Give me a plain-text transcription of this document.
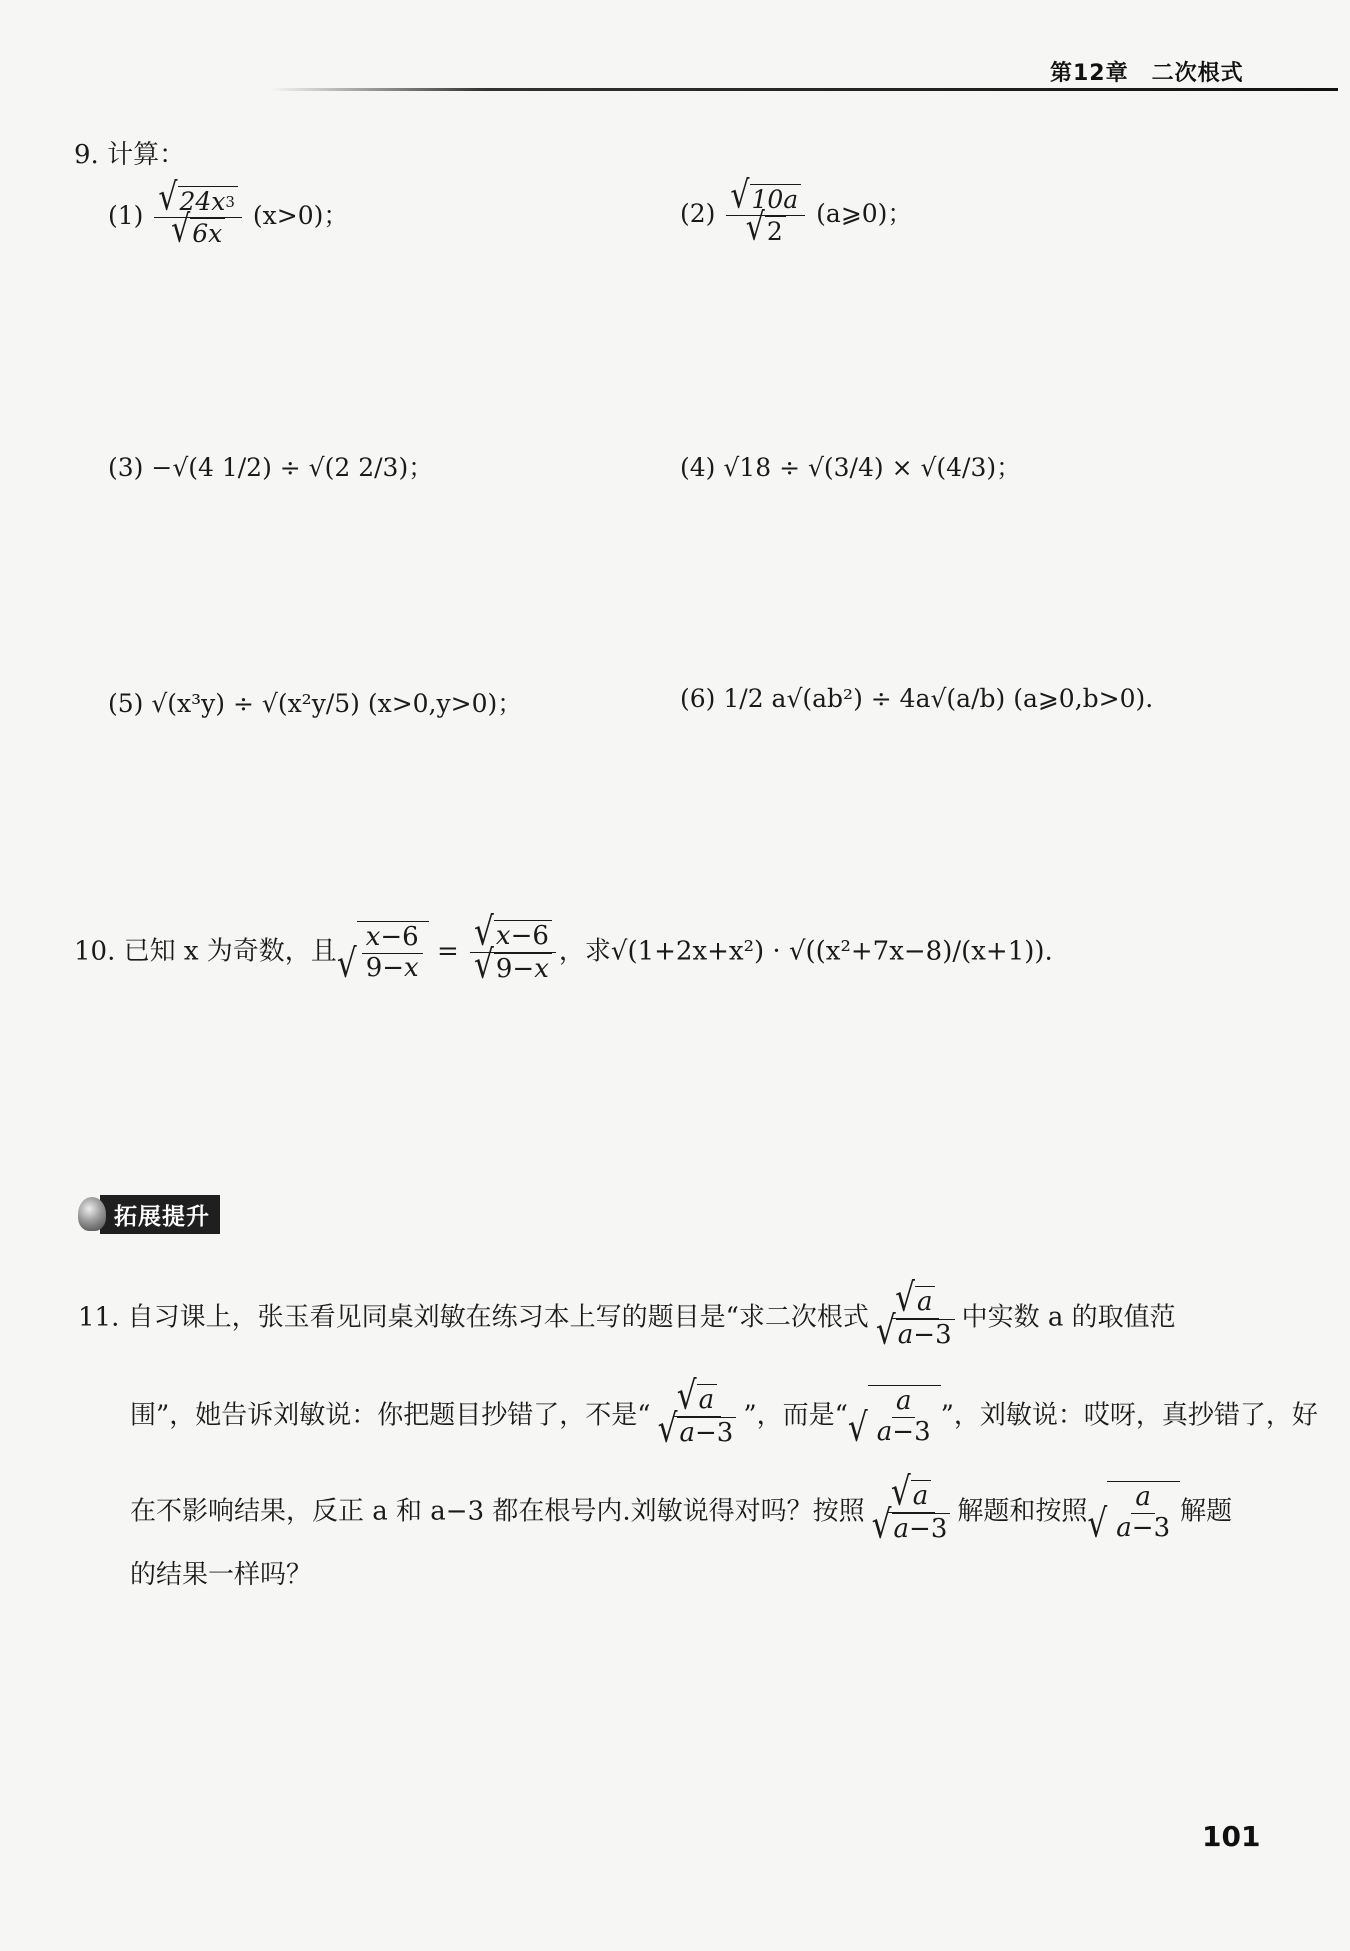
第12章　二次根式
9. 计算：
$(1) \frac{√ 24x 3}{√ 6x} (x>0)$；	$(2) \frac{√ 10a}{√ 2}$ (a⩾0)；
(3) −√(4 1/2) ÷ √(2 2/3)；	(4) √18 ÷ √(3/4) × √(4/3)；
(5) √(x³y) ÷ √(x²y/5) (x>0,y>0)；	(6) 1/2 a√(ab²) ÷ 4a√(a/b) (a⩾0,b>0).
10. 已知 x 为奇数，且 √ $\frac{x-6}{9-x} = \frac{√ x -6}{√ 9- x}$ ，求√(1+2x+x²) · √((x²+7x−8)/(x+1)).
拓展提升
11. 自习课上，张玉看见同桌刘敏在练习本上写的题目是“求二次根式 $\frac{√ a}{√ a -3}$ 中实数 a 的取值范
围”，她告诉刘敏说：你把题目抄错了，不是“ $\frac{√ a}{√ a -3}$ ”，而是“ √ $\frac{a}{a-3}$ ”，刘敏说：哎呀，真抄错了，好
在不影响结果，反正 a 和 a−3 都在根号内.刘敏说得对吗？按照 $\frac{√ a}{√ a -3}$ 解题和按照 √ $\frac{a}{a-3}$ 解题
的结果一样吗？
101
